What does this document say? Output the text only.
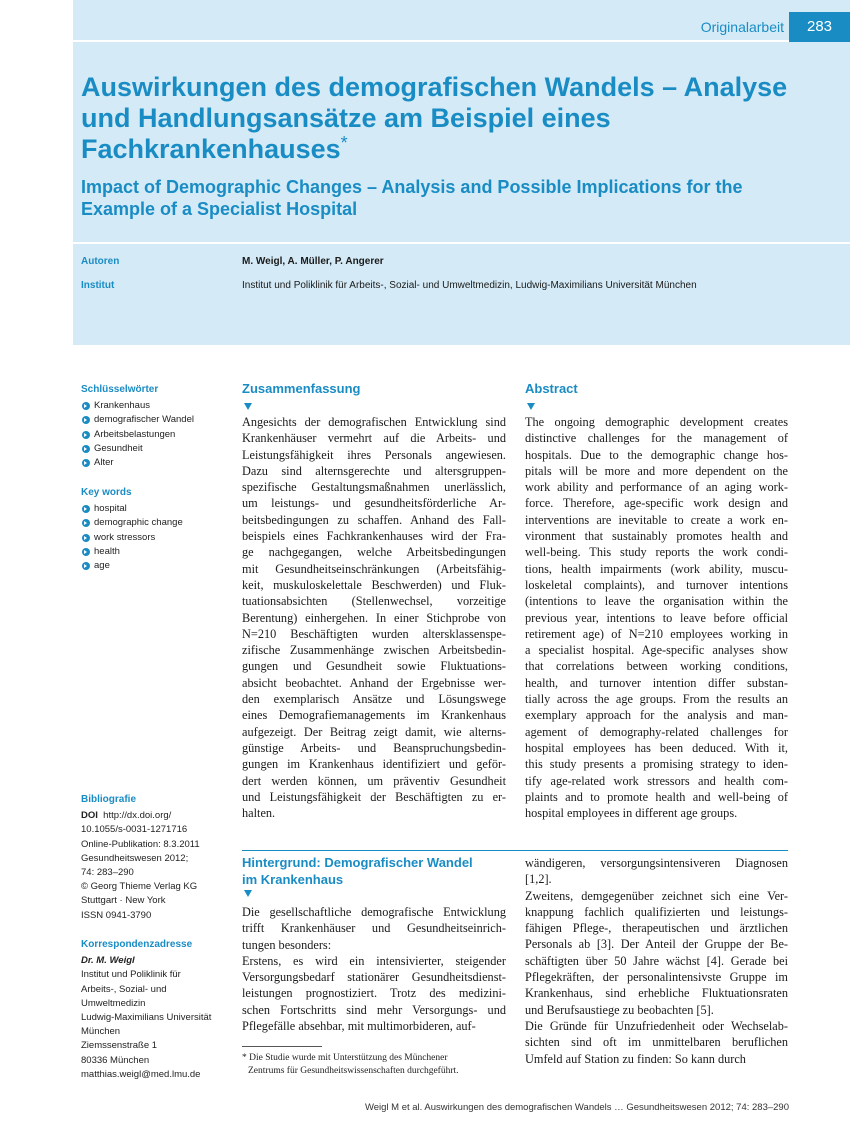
Originalarbeit	283
Auswirkungen des demografischen Wandels – Analyse und Handlungsansätze am Beispiel eines Fachkrankenhauses*
Impact of Demographic Changes – Analysis and Possible Implications for the Example of a Specialist Hospital
Autoren	M. Weigl, A. Müller, P. Angerer
Institut	Institut und Poliklinik für Arbeits-, Sozial- und Umweltmedizin, Ludwig-Maximilians Universität München
Schlüsselwörter
Krankenhaus
demografischer Wandel
Arbeitsbelastungen
Gesundheit
Alter
Key words
hospital
demographic change
work stressors
health
age
Bibliografie

DOI http://dx.doi.org/

10.1055/s-0031-1271716

Online-Publikation: 8.3.2011

Gesundheitswesen 2012;

74: 283–290

© Georg Thieme Verlag KG

Stuttgart · New York

ISSN 0941-3790

Korrespondenzadresse

Dr. M. Weigl

Institut und Poliklinik für

Arbeits-, Sozial- und

Umweltmedizin

Ludwig-Maximilians Universität

München

Ziemssenstraße 1

80336 München

matthias.weigl@med.lmu.de

Zusammenfassung
Angesichts der demografischen Entwicklung sind
Krankenhäuser vermehrt auf die Arbeits- und
Leistungsfähigkeit ihres Personals angewiesen.
Dazu sind alternsgerechte und altersgruppen-
spezifische Gestaltungsmaßnahmen unerlässlich,
um leistungs- und gesundheitsförderliche Ar-
beitsbedingungen zu schaffen. Anhand des Fall-
beispiels eines Fachkrankenhauses wird der Fra-
ge nachgegangen, welche Arbeitsbedingungen
mit Gesundheitseinschränkungen (Arbeitsfähig-
keit, muskuloskelettale Beschwerden) und Fluk-
tuationsabsichten (Stellenwechsel, vorzeitige
Berentung) einhergehen. In einer Stichprobe von
N=210 Beschäftigten wurden altersklassenspe-
zifische Zusammenhänge zwischen Arbeitsbedin-
gungen und Gesundheit sowie Fluktuations-
absicht beobachtet. Anhand der Ergebnisse wer-
den exemplarisch Ansätze und Lösungswege
eines Demografiemanagements im Krankenhaus
aufgezeigt. Der Beitrag zeigt damit, wie alterns-
günstige Arbeits- und Beanspruchungsbedin-
gungen im Krankenhaus identifiziert und geför-
dert werden können, um präventiv Gesundheit
und Leistungsfähigkeit der Beschäftigten zu er-
halten.
Abstract
The ongoing demographic development creates
distinctive challenges for the management of
hospitals. Due to the demographic change hos-
pitals will be more and more dependent on the
work ability and performance of an aging work-
force. Therefore, age-specific work design and
interventions are inevitable to create a work en-
vironment that sustainably promotes health and
well-being. This study reports the work condi-
tions, health impairments (work ability, muscu-
loskeletal complaints), and turnover intentions
(intentions to leave the organisation within the
previous year, intentions to leave before official
retirement age) of N=210 employees working in
a specialist hospital. Age-specific analyses show
that correlations between working conditions,
health, and turnover intention differ substan-
tially across the age groups. From the results an
exemplary approach for the analysis and man-
agement of demography-related challenges for
hospital employees has been deduced. With it,
this study presents a promising strategy to iden-
tify age-related work stressors and health com-
plaints and to promote health and well-being of
hospital employees in different age groups.
Hintergrund: Demografischer Wandel
im Krankenhaus
Die gesellschaftliche demografische Entwicklung
trifft Krankenhäuser und Gesundheitseinrich-
tungen besonders:
Erstens, es wird ein intensivierter, steigender
Versorgungsbedarf stationärer Gesundheitsdienst-
leistungen prognostiziert. Trotz des medizini-
schen Fortschritts sind mehr Versorgungs- und
Pflegefälle absehbar, mit multimorbideren, auf-
wändigeren, versorgungsintensiveren Diagnosen
[1,2].
Zweitens, demgegenüber zeichnet sich eine Ver-
knappung fachlich qualifizierten und leistungs-
fähigen Pflege-, therapeutischen und ärztlichen
Personals ab [3]. Der Anteil der Gruppe der Be-
schäftigten über 50 Jahre wächst [4]. Gerade bei
Pflegekräften, der personalintensivste Gruppe im
Krankenhaus, sind erhebliche Fluktuationsraten
und Berufsaustiege zu beobachten [5].
Die Gründe für Unzufriedenheit oder Wechselab-
sichten sind oft im unmittelbaren beruflichen
Umfeld auf Station zu finden: So kann durch

* Die Studie wurde mit Unterstützung des Münchener
Zentrums für Gesundheitswissenschaften durchgeführt.

Weigl M et al. Auswirkungen des demografischen Wandels … Gesundheitswesen 2012; 74: 283–290
